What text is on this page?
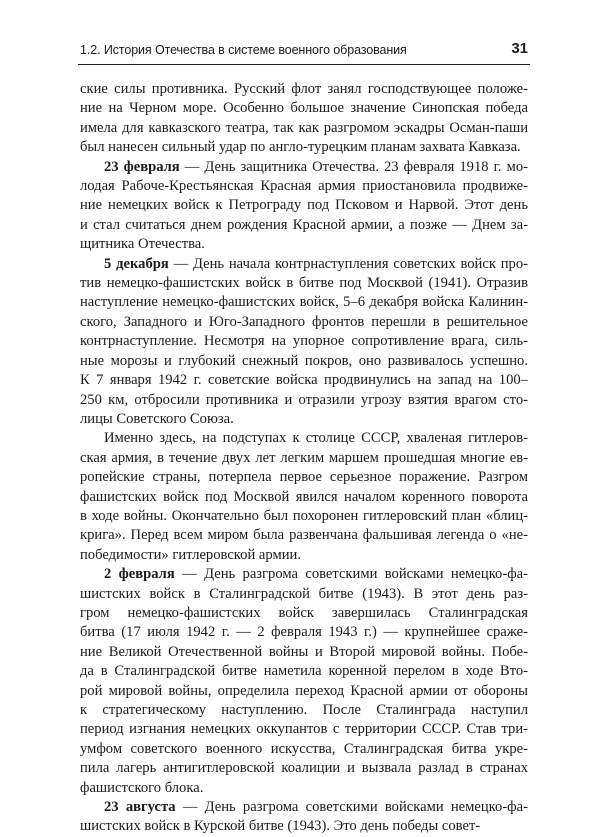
1.2. История Отечества в системе военного образования	31
ские силы противника. Русский флот занял господствующее положе-
ние на Черном море. Особенно большое значение Синопская победа
имела для кавказского театра, так как разгромом эскадры Осман-паши
был нанесен сильный удар по англо-турецким планам захвата Кавказа.
23 февраля — День защитника Отечества. 23 февраля 1918 г. мо-
лодая Рабоче-Крестьянская Красная армия приостановила продвиже-
ние немецких войск к Петрограду под Псковом и Нарвой. Этот день
и стал считаться днем рождения Красной армии, а позже — Днем за-
щитника Отечества.
5 декабря — День начала контрнаступления советских войск про-
тив немецко-фашистских войск в битве под Москвой (1941). Отразив
наступление немецко-фашистских войск, 5–6 декабря войска Калинин-
ского, Западного и Юго-Западного фронтов перешли в решительное
контрнаступление. Несмотря на упорное сопротивление врага, силь-
ные морозы и глубокий снежный покров, оно развивалось успешно.
К 7 января 1942 г. советские войска продвинулись на запад на 100–
250 км, отбросили противника и отразили угрозу взятия врагом сто-
лицы Советского Союза.
Именно здесь, на подступах к столице СССР, хваленая гитлеров-
ская армия, в течение двух лет легким маршем прошедшая многие ев-
ропейские страны, потерпела первое серьезное поражение. Разгром
фашистских войск под Москвой явился началом коренного поворота
в ходе войны. Окончательно был похоронен гитлеровский план «блиц-
крига». Перед всем миром была развенчана фальшивая легенда о «не-
победимости» гитлеровской армии.
2 февраля — День разгрома советскими войсками немецко-фа-
шистских войск в Сталинградской битве (1943). В этот день раз-
гром немецко-фашистских войск завершилась Сталинградская
битва (17 июля 1942 г. — 2 февраля 1943 г.) — крупнейшее сраже-
ние Великой Отечественной войны и Второй мировой войны. Побе-
да в Сталинградской битве наметила коренной перелом в ходе Вто-
рой мировой войны, определила переход Красной армии от обороны
к стратегическому наступлению. После Сталинграда наступил
период изгнания немецких оккупантов с территории СССР. Став три-
умфом советского военного искусства, Сталинградская битва укре-
пила лагерь антигитлеровской коалиции и вызвала разлад в странах
фашистского блока.
23 августа — День разгрома советскими войсками немецко-фа-
шистских войск в Курской битве (1943). Это день победы совет-
